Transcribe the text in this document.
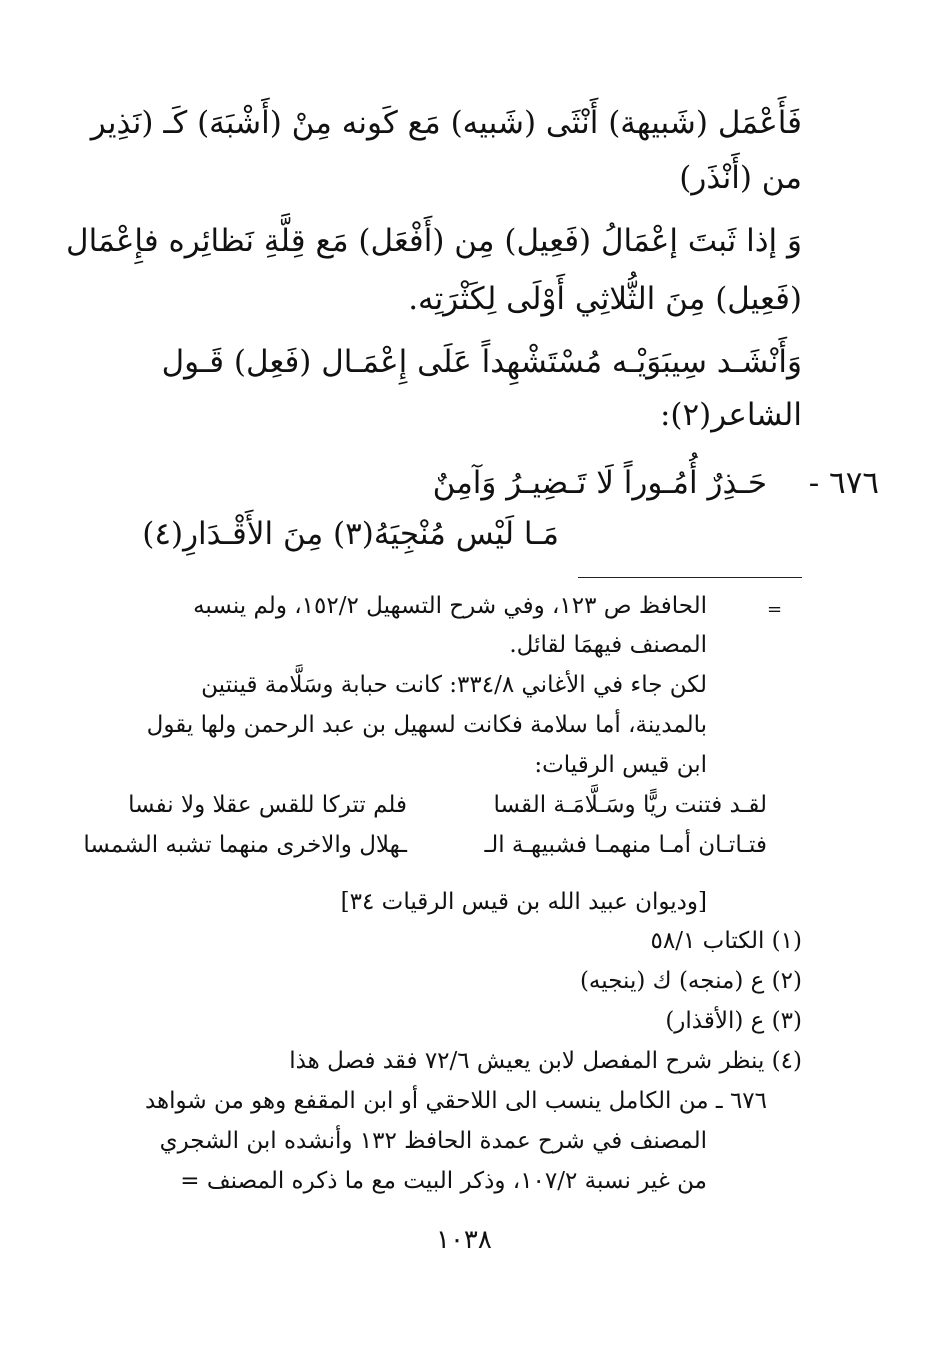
فَأَعْمَل (شَبيهة) أَنْثَى (شَبيه) مَع كَونه مِنْ (أَشْبَهَ) كَـ (نَذِير
من (أَنْذَر)
وَ إذا ثَبتَ إعْمَالُ (فَعِيل) مِن (أَفْعَل) مَع قِلَّةِ نَظائِره فإِعْمَال
(فَعِيل) مِنَ الثُّلاثِي أَوْلَى لِكَثْرَتِه.
وَأَنْشَـد سِيبَوَيْـه مُسْتَشْهِداً عَلَى إِعْمَـال (فَعِل) قَـول
الشاعر(٢):
٦٧٦ -
حَـذِرٌ أُمُـوراً لَا تَـضِيـرُ وَآمِنٌ
مَـا لَيْس مُنْجِيَهُ(٣) مِنَ الأَقْـدَارِ(٤)
=
الحافظ ص ١٢٣، وفي شرح التسهيل ١٥٢/٢، ولم ينسبه
المصنف فيهمَا لقائل.
لكن جاء في الأغاني ٣٣٤/٨: كانت حبابة وسَلَّامة قينتين
بالمدينة، أما سلامة فكانت لسهيل بن عبد الرحمن ولها يقول
ابن قيس الرقيات:
لقـد فتنت ريًّا وسَـلَّامَـة القسا
فلم تتركا للقس عقلا ولا نفسا
فتـاتـان أمـا منهمـا فشبيهـة الـ
ـهلال والاخرى منهما تشبه الشمسا
[وديوان عبيد الله بن قيس الرقيات ٣٤]
(١) الكتاب ٥٨/١
(٢) ع (منجه) ك (ينجيه)
(٣) ع (الأقذار)
(٤) ينظر شرح المفصل لابن يعيش ٧٢/٦ فقد فصل هذا
٦٧٦ ـ من الكامل ينسب الى اللاحقي أو ابن المقفع وهو من شواهد
المصنف في شرح عمدة الحافظ ١٣٢ وأنشده ابن الشجري
من غير نسبة ١٠٧/٢، وذكر البيت مع ما ذكره المصنف =
١٠٣٨
